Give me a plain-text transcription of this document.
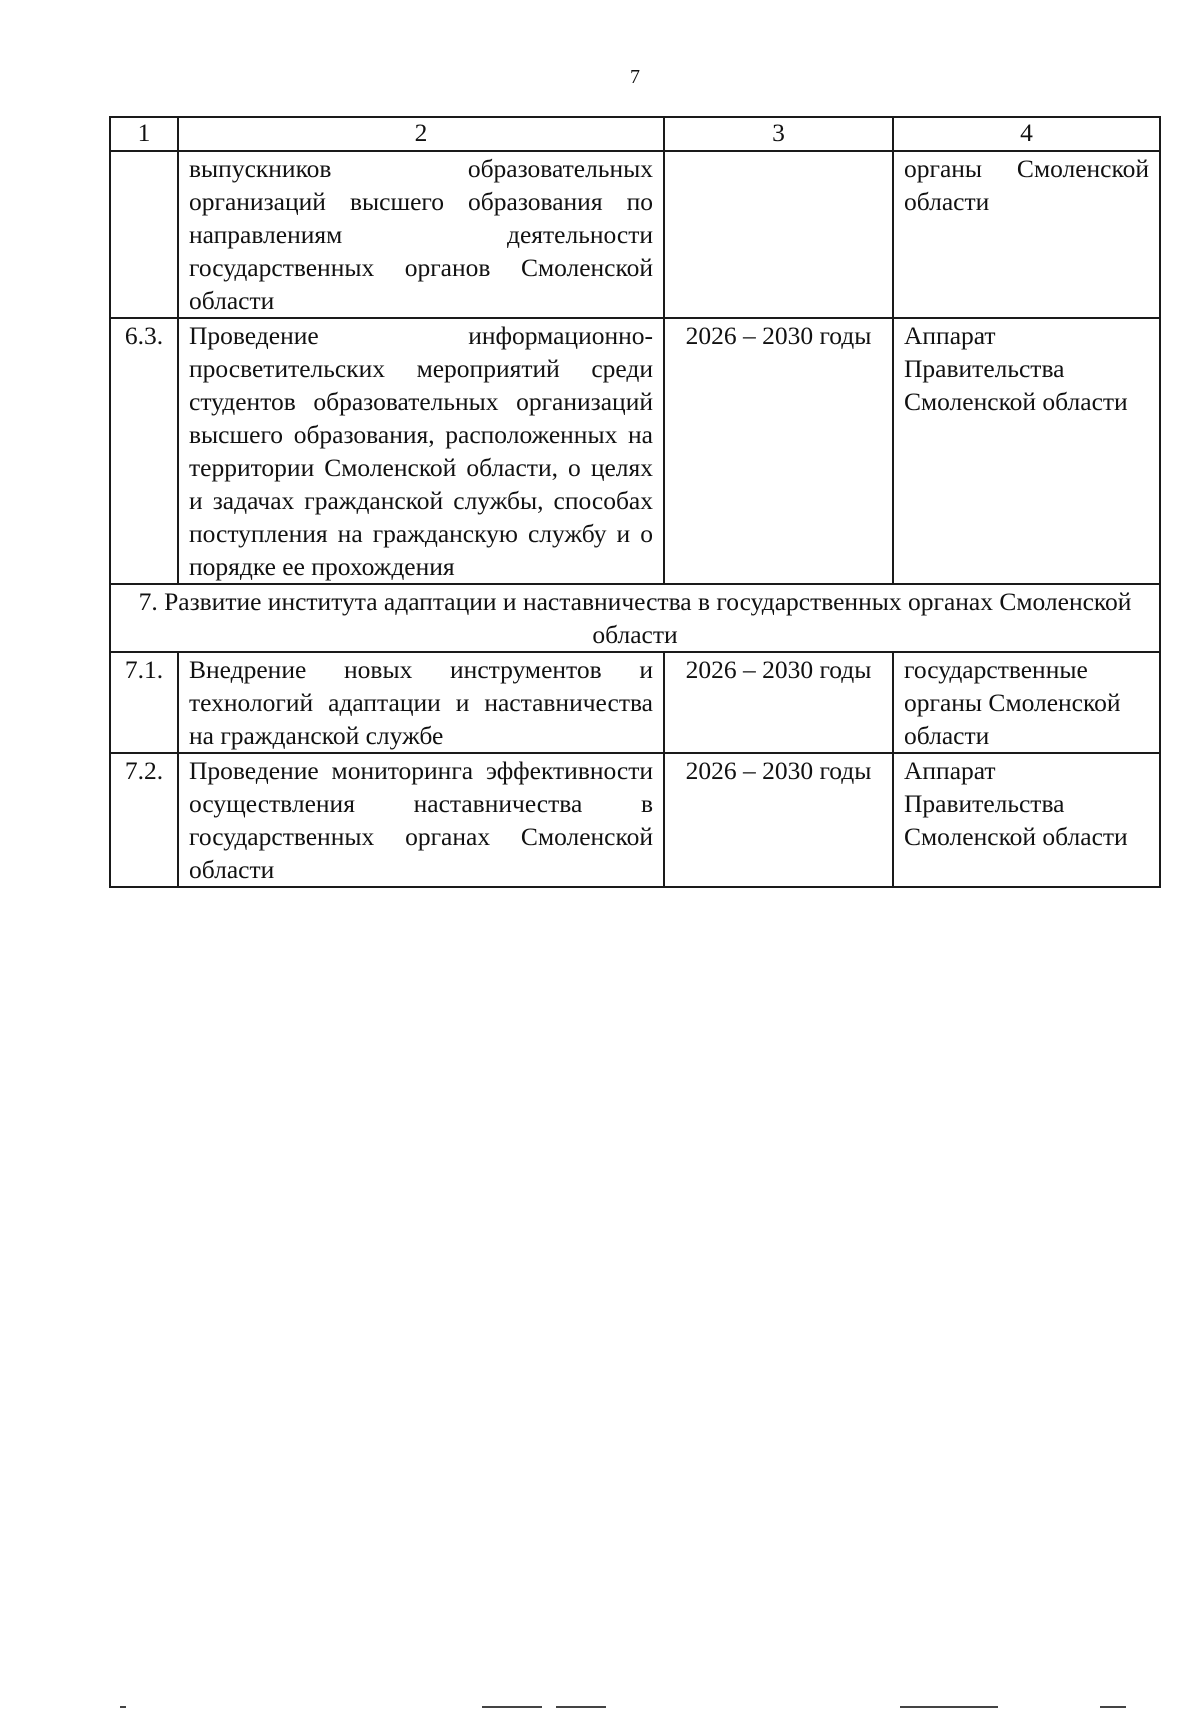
7
1	2	3	4
	выпускников образовательных организаций высшего образования по направлениям деятельности государственных органов Смоленской области		органы Смоленской области
6.3.	Проведение информационно-просветительских мероприятий среди студентов образовательных организаций высшего образования, расположенных на территории Смоленской области, о целях и задачах гражданской службы, способах поступления на гражданскую службу и о порядке ее прохождения	2026 – 2030 годы	Аппарат Правительства Смоленской области
7. Развитие института адаптации и наставничества в государственных органах Смоленской области			
7.1.	Внедрение новых инструментов и технологий адаптации и наставничества на гражданской службе	2026 – 2030 годы	государственные органы Смоленской области
7.2.	Проведение мониторинга эффективности осуществления наставничества в государственных органах Смоленской области	2026 – 2030 годы	Аппарат Правительства Смоленской области
